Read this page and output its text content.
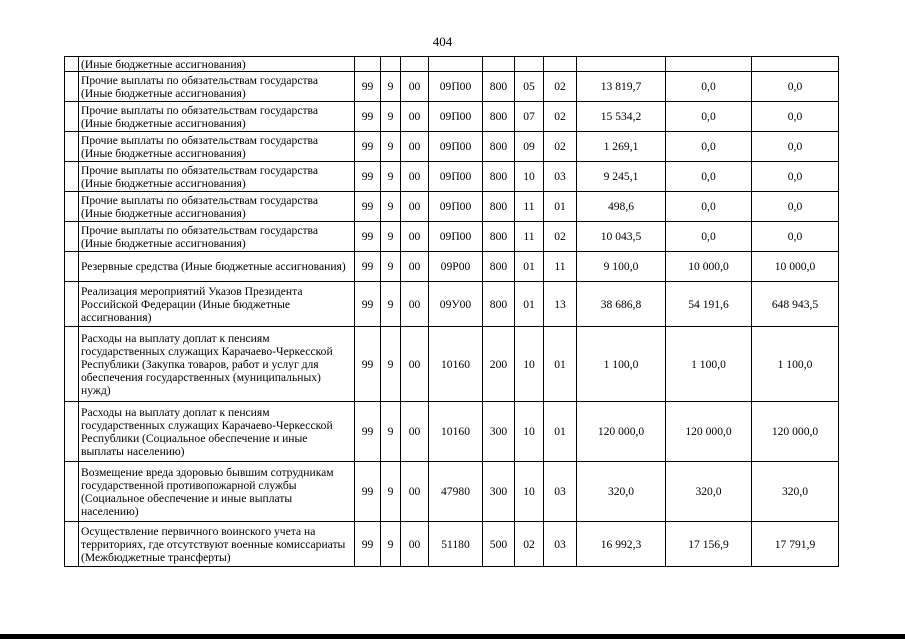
404
	(Иные бюджетные ассигнования)										
	Прочие выплаты по обязательствам государства (Иные бюджетные ассигнования)	99	9	00	09П00	800	05	02	13 819,7	0,0	0,0
	Прочие выплаты по обязательствам государства (Иные бюджетные ассигнования)	99	9	00	09П00	800	07	02	15 534,2	0,0	0,0
	Прочие выплаты по обязательствам государства (Иные бюджетные ассигнования)	99	9	00	09П00	800	09	02	1 269,1	0,0	0,0
	Прочие выплаты по обязательствам государства (Иные бюджетные ассигнования)	99	9	00	09П00	800	10	03	9 245,1	0,0	0,0
	Прочие выплаты по обязательствам государства (Иные бюджетные ассигнования)	99	9	00	09П00	800	11	01	498,6	0,0	0,0
	Прочие выплаты по обязательствам государства (Иные бюджетные ассигнования)	99	9	00	09П00	800	11	02	10 043,5	0,0	0,0
	Резервные средства (Иные бюджетные ассигнования)	99	9	00	09Р00	800	01	11	9 100,0	10 000,0	10 000,0
	Реализация мероприятий Указов Президента Российской Федерации (Иные бюджетные ассигнования)	99	9	00	09У00	800	01	13	38 686,8	54 191,6	648 943,5
	Расходы на выплату доплат к пенсиям государственных служащих Карачаево-Черкесской Республики (Закупка товаров, работ и услуг для обеспечения государственных (муниципальных) нужд)	99	9	00	10160	200	10	01	1 100,0	1 100,0	1 100,0
	Расходы на выплату доплат к пенсиям государственных служащих Карачаево-Черкесской Республики (Социальное обеспечение и иные выплаты населению)	99	9	00	10160	300	10	01	120 000,0	120 000,0	120 000,0
	Возмещение вреда здоровью бывшим сотрудникам государственной противопожарной службы (Социальное обеспечение и иные выплаты населению)	99	9	00	47980	300	10	03	320,0	320,0	320,0
	Осуществление первичного воинского учета на территориях, где отсутствуют военные комиссариаты (Межбюджетные трансферты)	99	9	00	51180	500	02	03	16 992,3	17 156,9	17 791,9
